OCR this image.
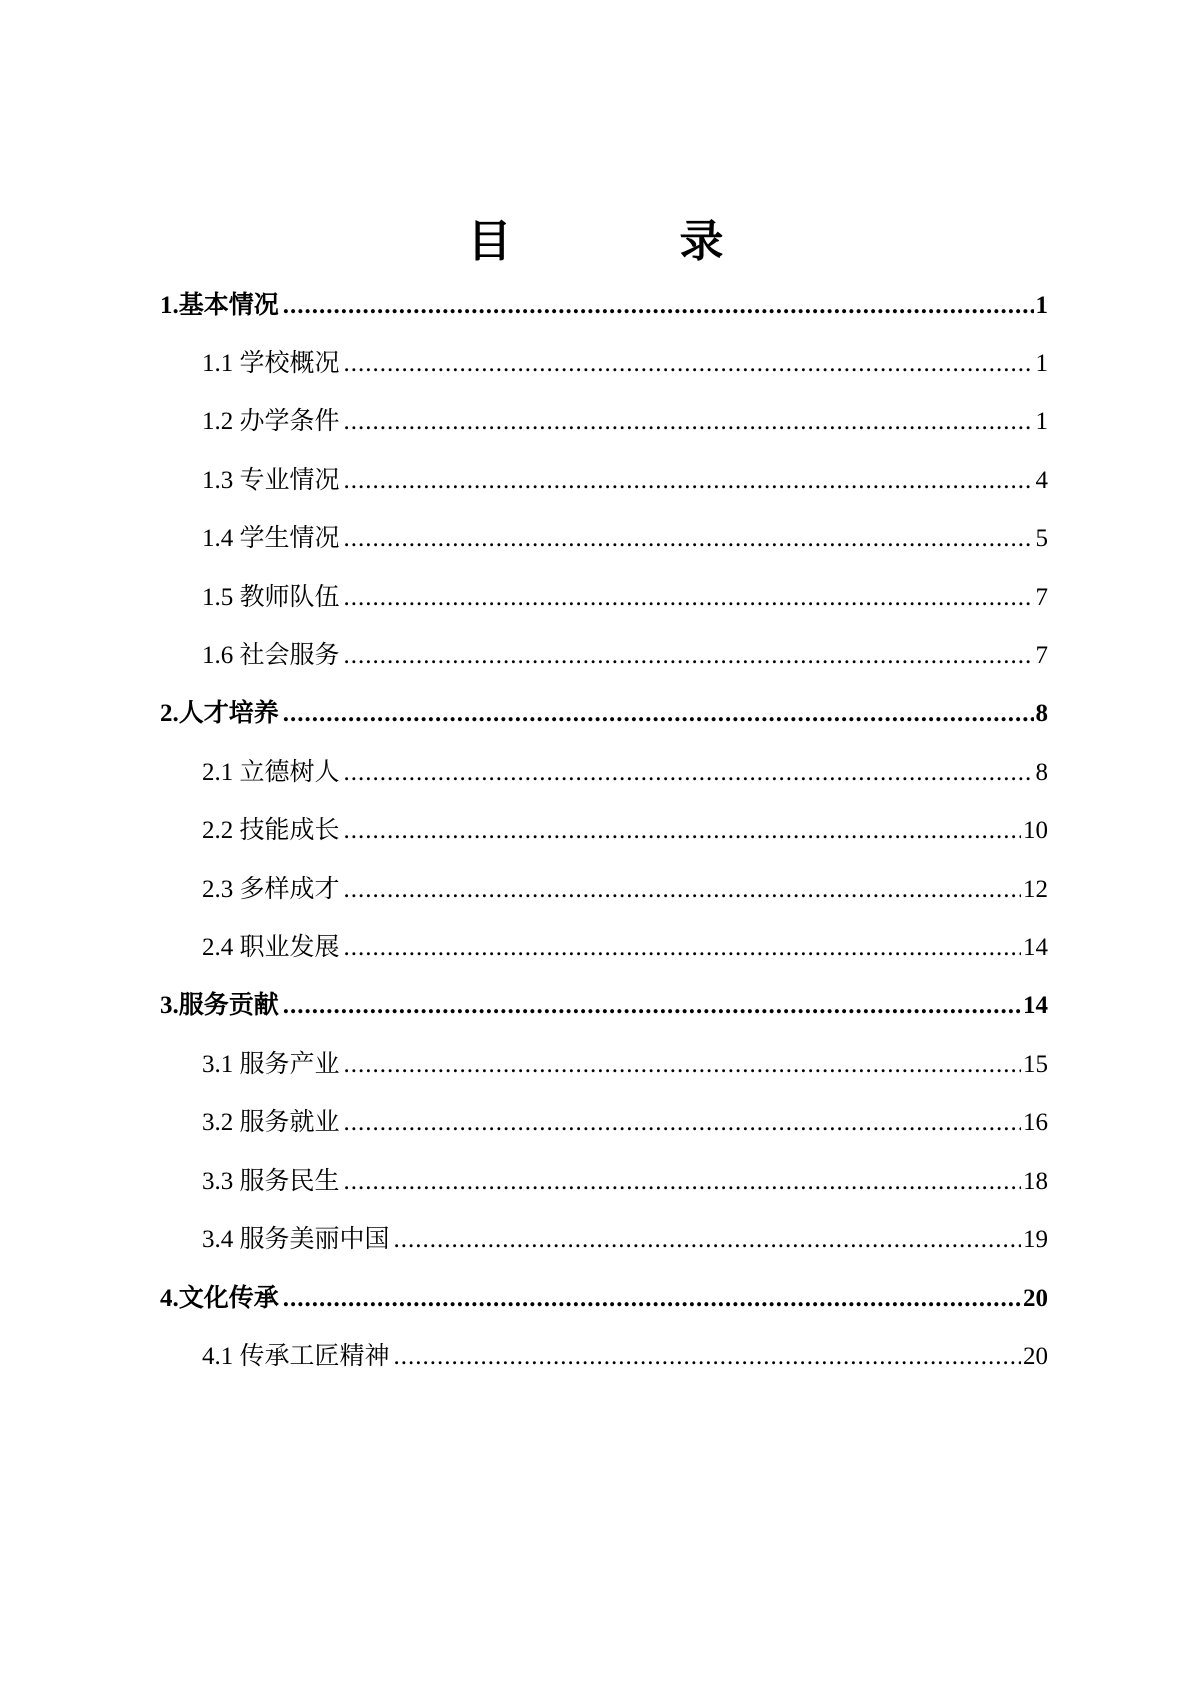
目　录
1.基本情况 .....	1
1.1 学校概况 .....	1
1.2 办学条件 .....	1
1.3 专业情况 .....	4
1.4 学生情况 .....	5
1.5 教师队伍 .....	7
1.6 社会服务 .....	7
2.人才培养 .....	8
2.1 立德树人 .....	8
2.2 技能成长 .....	10
2.3 多样成才 .....	12
2.4 职业发展 .....	14
3.服务贡献 .....	14
3.1 服务产业 .....	15
3.2 服务就业 .....	16
3.3 服务民生 .....	18
3.4 服务美丽中国 .....	19
4.文化传承 .....	20
4.1 传承工匠精神 .....	20
